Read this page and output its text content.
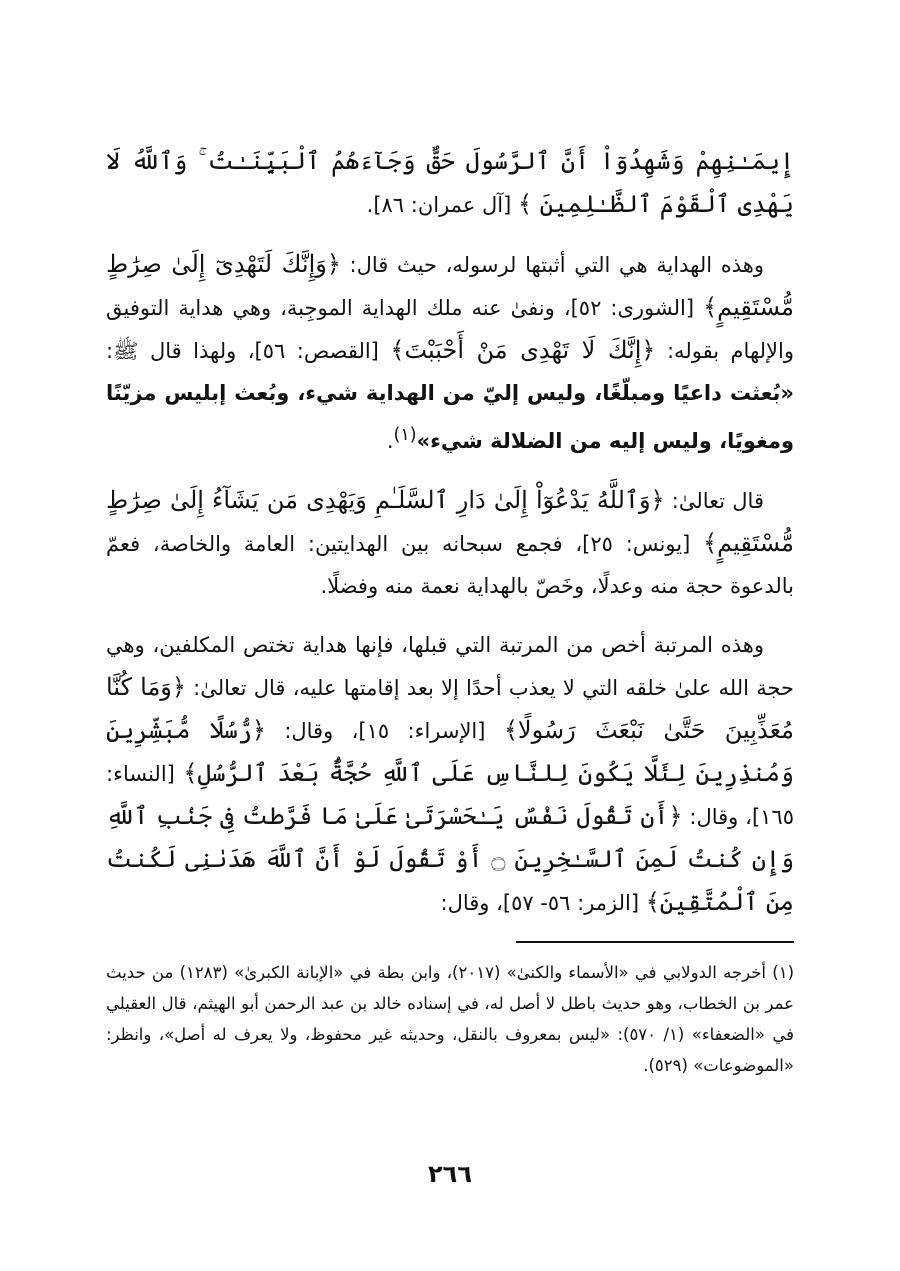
إِيمَـٰنِهِمْ وَشَهِدُوٓاْ أَنَّ ٱلرَّسُولَ حَقٌّ وَجَآءَهُمُ ٱلْبَيِّنَـٰتُ ۚ وَٱللَّهُ لَا يَهْدِى ٱلْقَوْمَ ٱلظَّـٰلِمِينَ ﴾ [آل عمران: ٨٦].

وهذه الهداية هي التي أثبتها لرسوله، حيث قال: ﴿وَإِنَّكَ لَتَهْدِىٓ إِلَىٰ صِرَٰطٍ مُّسْتَقِيمٍ﴾ [الشورى: ٥٢]، ونفىٰ عنه ملك الهداية الموجِبة، وهي هداية التوفيق والإلهام بقوله: ﴿إِنَّكَ لَا تَهْدِى مَنْ أَحْبَبْتَ﴾ [القصص: ٥٦]، ولهذا قال ﷺ: «بُعثت داعيًا ومبلّغًا، وليس إليّ من الهداية شيء، وبُعث إبليس مزيّنًا ومغويًا، وليس إليه من الضلالة شيء»$^{(١)}$.

قال تعالىٰ: ﴿وَٱللَّهُ يَدْعُوٓاْ إِلَىٰ دَارِ ٱلسَّلَـٰمِ وَيَهْدِى مَن يَشَآءُ إِلَىٰ صِرَٰطٍ مُّسْتَقِيمٍ﴾ [يونس: ٢٥]، فجمع سبحانه بين الهدايتين: العامة والخاصة، فعمّ بالدعوة حجة منه وعدلًا، وخَصّ بالهداية نعمة منه وفضلًا.

وهذه المرتبة أخص من المرتبة التي قبلها، فإنها هداية تختص المكلفين، وهي حجة الله علىٰ خلقه التي لا يعذب أحدًا إلا بعد إقامتها عليه، قال تعالىٰ: ﴿وَمَا كُنَّا مُعَذِّبِينَ حَتَّىٰ نَبْعَثَ رَسُولًا﴾ [الإسراء: ١٥]، وقال: ﴿رُّسُلًا مُّبَشِّرِينَ وَمُنذِرِينَ لِئَلَّا يَكُونَ لِلنَّاسِ عَلَى ٱللَّهِ حُجَّةٌۢ بَعْدَ ٱلرُّسُلِ﴾ [النساء: ١٦٥]، وقال: ﴿أَن تَقُولَ نَفْسٌ يَـٰحَسْرَتَىٰ عَلَىٰ مَا فَرَّطتُ فِى جَنۢبِ ٱللَّهِ وَإِن كُنتُ لَمِنَ ٱلسَّـٰخِرِينَ ۝ أَوْ تَقُولَ لَوْ أَنَّ ٱللَّهَ هَدَىٰنِى لَكُنتُ مِنَ ٱلْمُتَّقِينَ﴾ [الزمر: ٥٦- ٥٧]، وقال:

(١) أخرجه الدولابي في «الأسماء والكنىٰ» (٢٠١٧)، وابن بطة في «الإبانة الكبرىٰ» (١٢٨٣) من حديث عمر بن الخطاب، وهو حديث باطل لا أصل له، في إسناده خالد بن عبد الرحمن أبو الهيثم، قال العقيلي في «الضعفاء» (١/ ٥٧٠): «ليس بمعروف بالنقل، وحديثه غير محفوظ، ولا يعرف له أصل»، وانظر: «الموضوعات» (٥٢٩).

٢٦٦
